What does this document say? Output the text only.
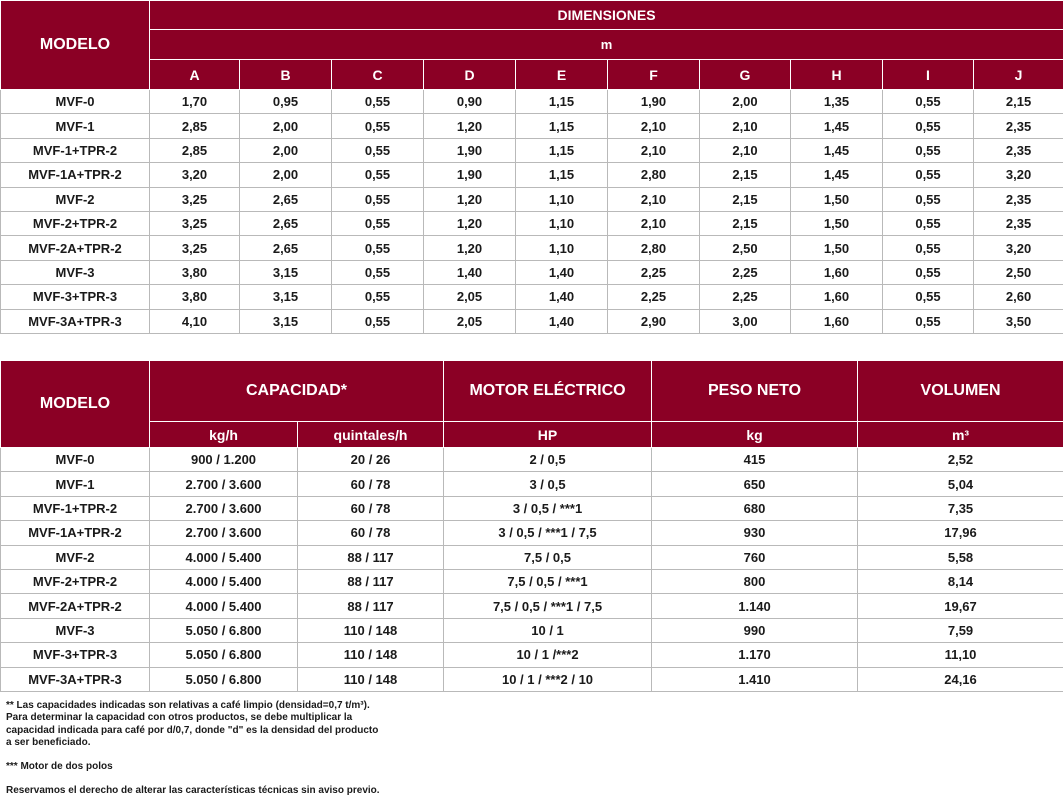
MODELO	DIMENSIONES									
	m									
	A	B	C	D	E	F	G	H	I	J
MVF-0	1,70	0,95	0,55	0,90	1,15	1,90	2,00	1,35	0,55	2,15
MVF-1	2,85	2,00	0,55	1,20	1,15	2,10	2,10	1,45	0,55	2,35
MVF-1+TPR-2	2,85	2,00	0,55	1,90	1,15	2,10	2,10	1,45	0,55	2,35
MVF-1A+TPR-2	3,20	2,00	0,55	1,90	1,15	2,80	2,15	1,45	0,55	3,20
MVF-2	3,25	2,65	0,55	1,20	1,10	2,10	2,15	1,50	0,55	2,35
MVF-2+TPR-2	3,25	2,65	0,55	1,20	1,10	2,10	2,15	1,50	0,55	2,35
MVF-2A+TPR-2	3,25	2,65	0,55	1,20	1,10	2,80	2,50	1,50	0,55	3,20
MVF-3	3,80	3,15	0,55	1,40	1,40	2,25	2,25	1,60	0,55	2,50
MVF-3+TPR-3	3,80	3,15	0,55	2,05	1,40	2,25	2,25	1,60	0,55	2,60
MVF-3A+TPR-3	4,10	3,15	0,55	2,05	1,40	2,90	3,00	1,60	0,55	3,50
MODELO	CAPACIDAD*		MOTOR ELÉCTRICO	PESO NETO	VOLUMEN
	kg/h	quintales/h	HP	kg	m³
MVF-0	900 / 1.200	20 / 26	2 / 0,5	415	2,52
MVF-1	2.700 / 3.600	60 / 78	3 / 0,5	650	5,04
MVF-1+TPR-2	2.700 / 3.600	60 / 78	3 / 0,5 / ***1	680	7,35
MVF-1A+TPR-2	2.700 / 3.600	60 / 78	3 / 0,5 / ***1 / 7,5	930	17,96
MVF-2	4.000 / 5.400	88 / 117	7,5 / 0,5	760	5,58
MVF-2+TPR-2	4.000 / 5.400	88 / 117	7,5 / 0,5 / ***1	800	8,14
MVF-2A+TPR-2	4.000 / 5.400	88 / 117	7,5 / 0,5 / ***1 / 7,5	1.140	19,67
MVF-3	5.050 / 6.800	110 / 148	10 / 1	990	7,59
MVF-3+TPR-3	5.050 / 6.800	110 / 148	10 / 1 /***2	1.170	11,10
MVF-3A+TPR-3	5.050 / 6.800	110 / 148	10 / 1 / ***2 / 10	1.410	24,16

** Las capacidades indicadas son relativas a café limpio (densidad=0,7 t/m³).

Para determinar la capacidad con otros productos, se debe multiplicar la

capacidad indicada para café por d/0,7, donde "d" es la densidad del producto

a ser beneficiado.

*** Motor de dos polos

Reservamos el derecho de alterar las características técnicas sin aviso previo.
